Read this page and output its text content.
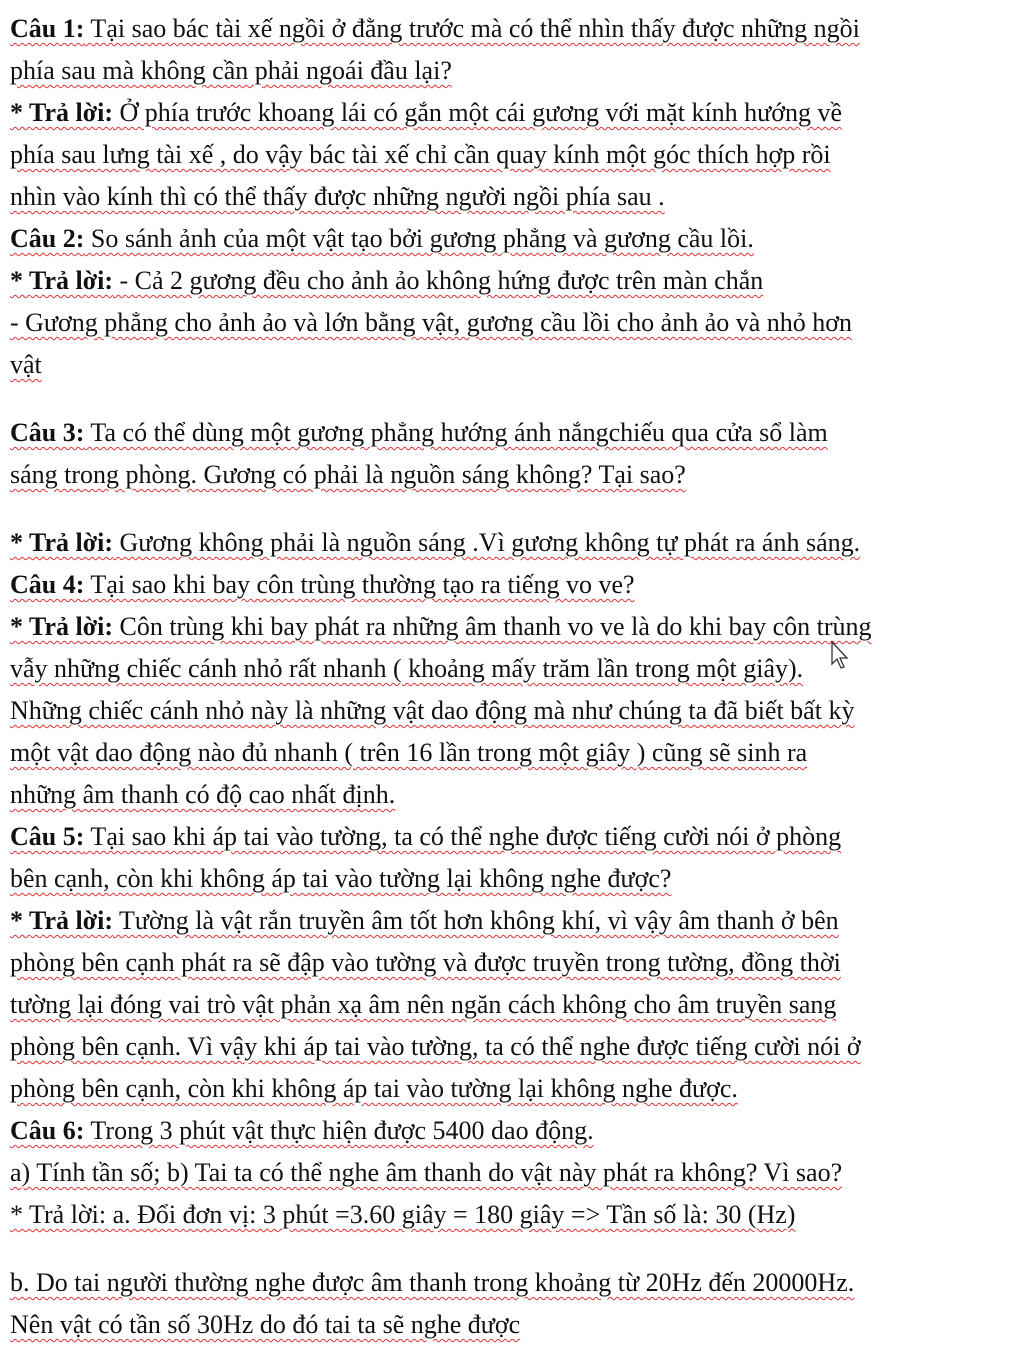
Câu 1: Tại sao bác tài xế ngồi ở đằng trước mà có thể nhìn thấy được những ngồi
phía sau mà không cần phải ngoái đầu lại?
* Trả lời: Ở phía trước khoang lái có gắn một cái gương với mặt kính hướng về
phía sau lưng tài xế , do vậy bác tài xế chỉ cần quay kính một góc thích hợp rồi
nhìn vào kính thì có thể thấy được những người ngồi phía sau .
Câu 2: So sánh ảnh của một vật tạo bởi gương phẳng và gương cầu lồi.
* Trả lời: - Cả 2 gương đều cho ảnh ảo không hứng được trên màn chắn
- Gương phẳng cho ảnh ảo và lớn bằng vật, gương cầu lồi cho ảnh ảo và nhỏ hơn
vật
Câu 3: Ta có thể dùng một gương phẳng hướng ánh nắngchiếu qua cửa sổ làm
sáng trong phòng. Gương có phải là nguồn sáng không? Tại sao?
* Trả lời: Gương không phải là nguồn sáng .Vì gương không tự phát ra ánh sáng.
Câu 4: Tại sao khi bay côn trùng thường tạo ra tiếng vo ve?
* Trả lời: Côn trùng khi bay phát ra những âm thanh vo ve là do khi bay côn trùng
vẫy những chiếc cánh nhỏ rất nhanh ( khoảng mấy trăm lần trong một giây).
Những chiếc cánh nhỏ này là những vật dao động mà như chúng ta đã biết bất kỳ
một vật dao động nào đủ nhanh ( trên 16 lần trong một giây ) cũng sẽ sinh ra
những âm thanh có độ cao nhất định.
Câu 5: Tại sao khi áp tai vào tường, ta có thể nghe được tiếng cười nói ở phòng
bên cạnh, còn khi không áp tai vào tường lại không nghe được?
* Trả lời: Tường là vật rắn truyền âm tốt hơn không khí, vì vậy âm thanh ở bên
phòng bên cạnh phát ra sẽ đập vào tường và được truyền trong tường, đồng thời
tường lại đóng vai trò vật phản xạ âm nên ngăn cách không cho âm truyền sang
phòng bên cạnh. Vì vậy khi áp tai vào tường, ta có thể nghe được tiếng cười nói ở
phòng bên cạnh, còn khi không áp tai vào tường lại không nghe được.
Câu 6: Trong 3 phút vật thực hiện được 5400 dao động.
a) Tính tần số; b) Tai ta có thể nghe âm thanh do vật này phát ra không? Vì sao?
* Trả lời: a. Đổi đơn vị: 3 phút =3.60 giây = 180 giây => Tần số là: 30 (Hz)
b. Do tai người thường nghe được âm thanh trong khoảng từ 20Hz đến 20000Hz.
Nên vật có tần số 30Hz do đó tai ta sẽ nghe được
